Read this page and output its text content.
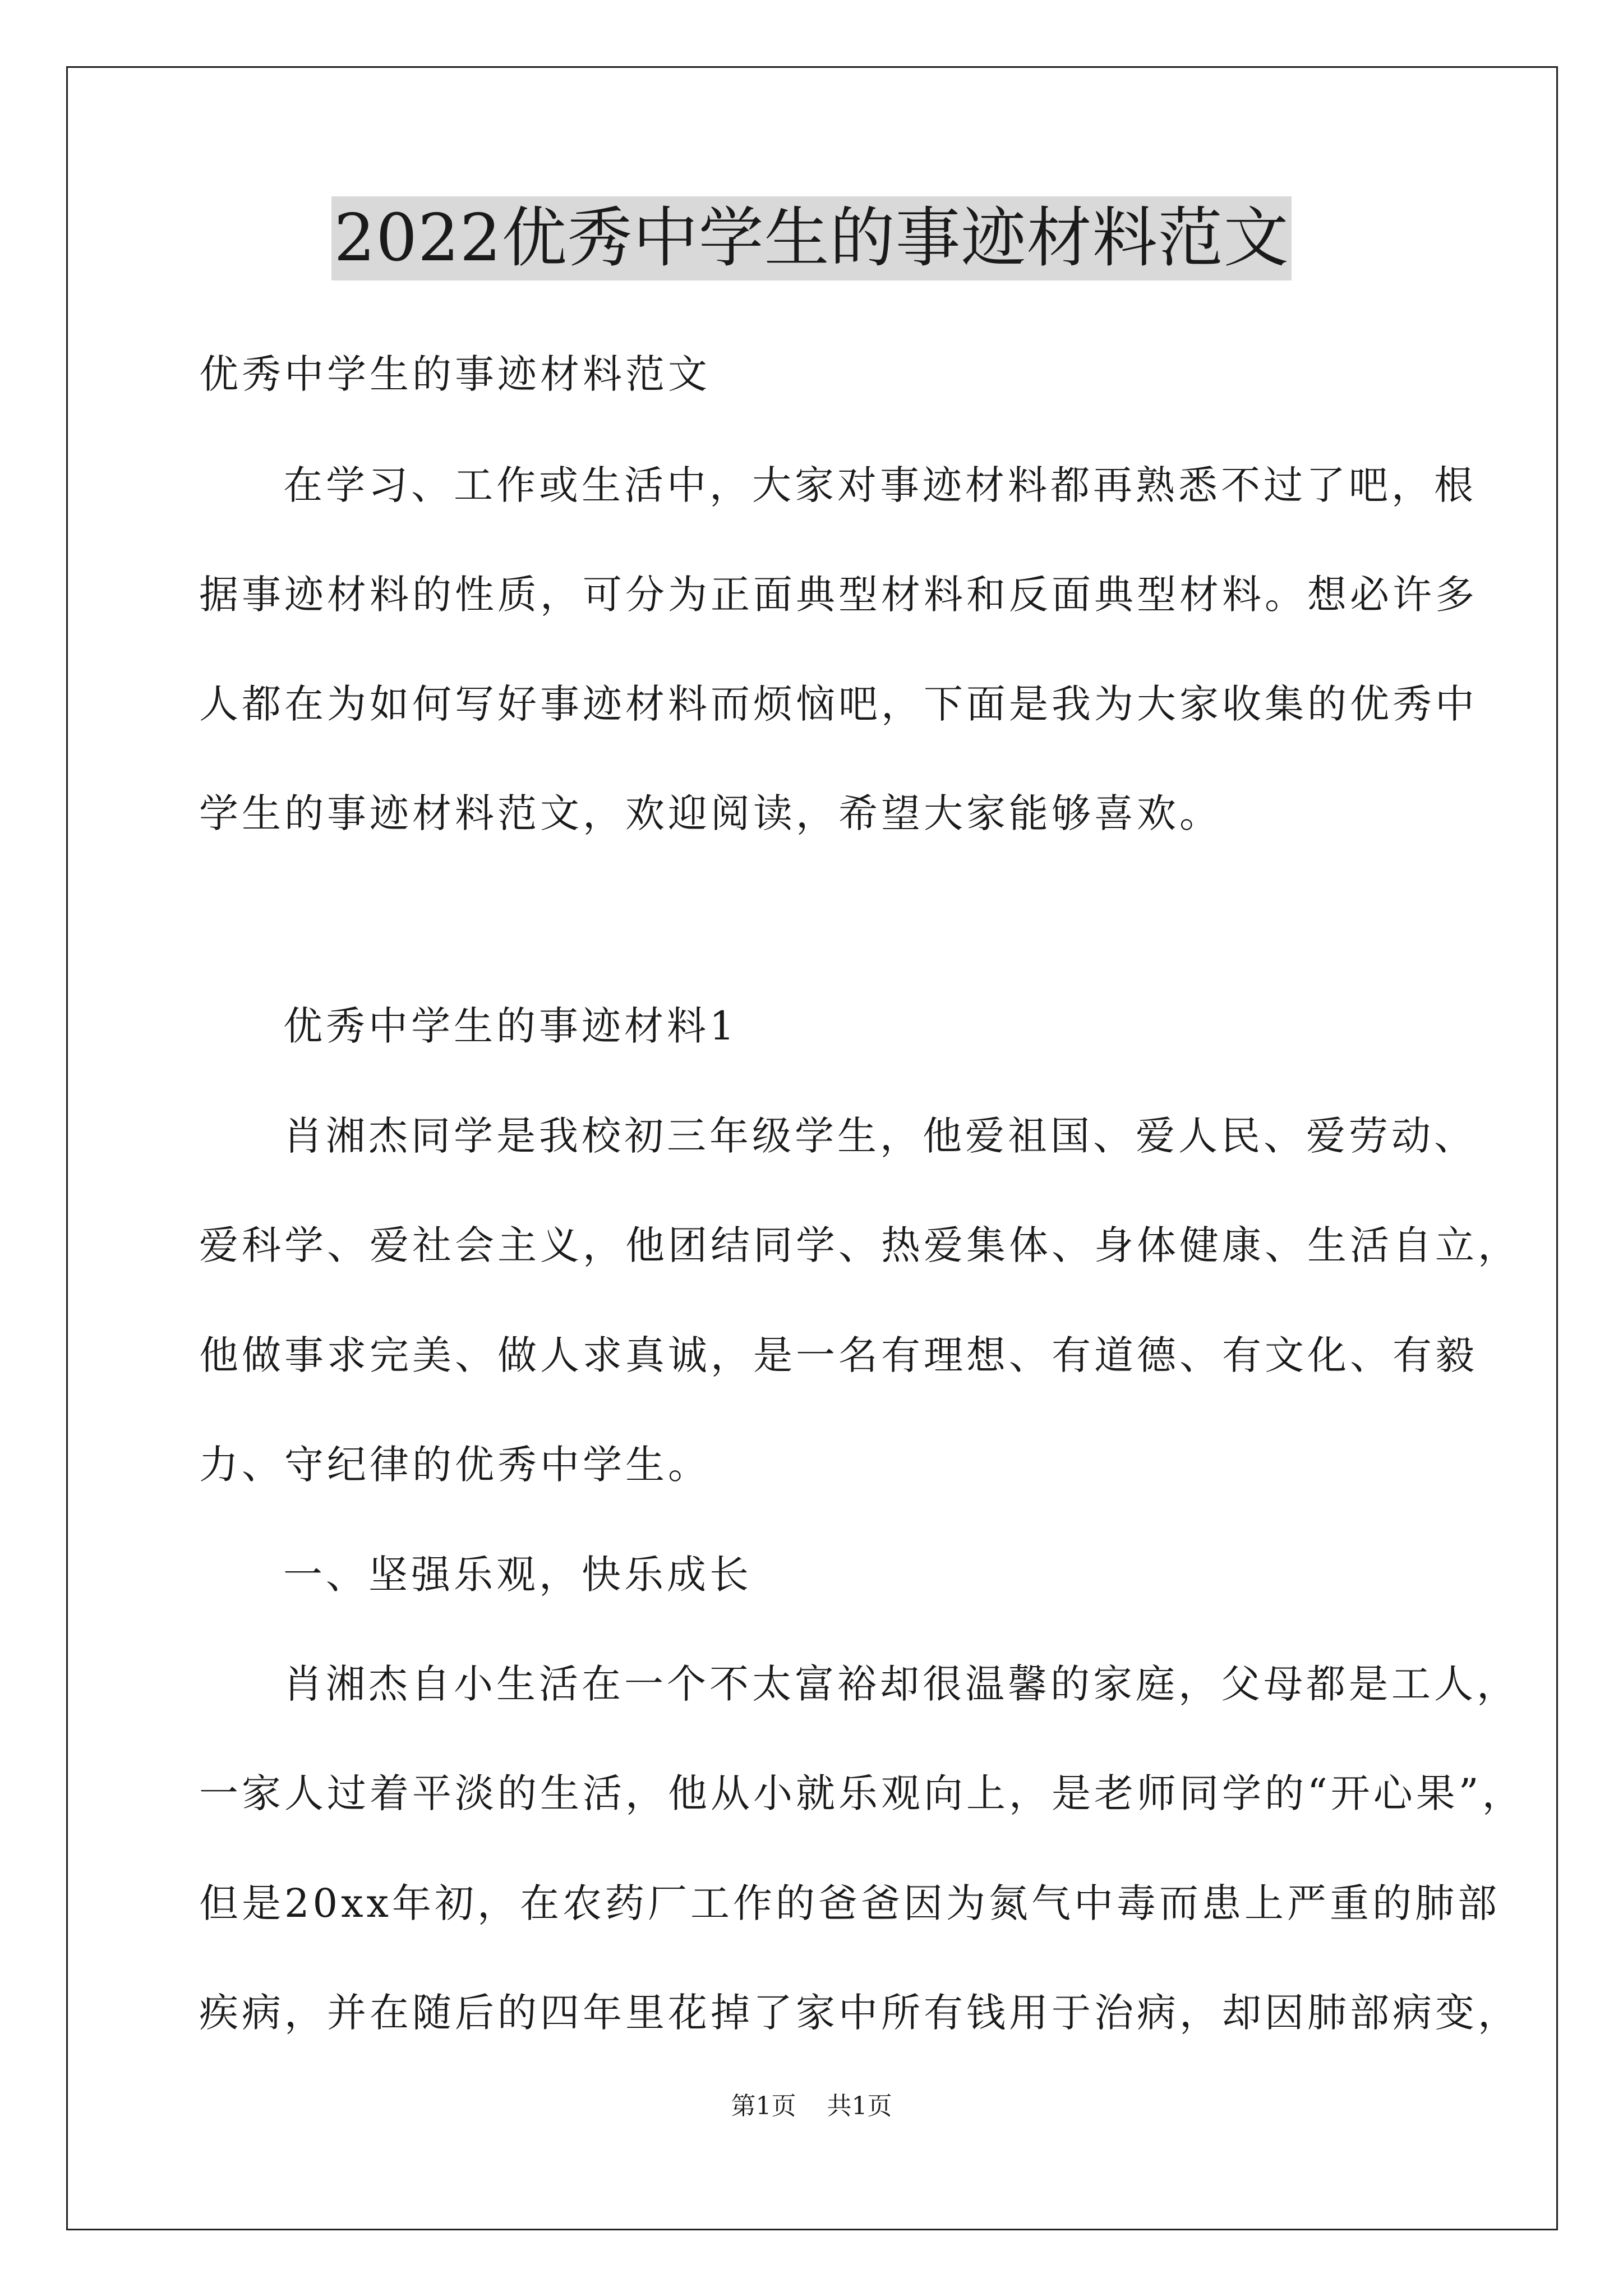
2022优秀中学生的事迹材料范文
优秀中学生的事迹材料范文
在学习、工作或生活中，大家对事迹材料都再熟悉不过了吧，根
据事迹材料的性质，可分为正面典型材料和反面典型材料。想必许多
人都在为如何写好事迹材料而烦恼吧，下面是我为大家收集的优秀中
学生的事迹材料范文，欢迎阅读，希望大家能够喜欢。
优秀中学生的事迹材料1
肖湘杰同学是我校初三年级学生，他爱祖国、爱人民、爱劳动、
爱科学、爱社会主义，他团结同学、热爱集体、身体健康、生活自立，
他做事求完美、做人求真诚，是一名有理想、有道德、有文化、有毅
力、守纪律的优秀中学生。
一、坚强乐观，快乐成长
肖湘杰自小生活在一个不太富裕却很温馨的家庭，父母都是工人，
一家人过着平淡的生活，他从小就乐观向上，是老师同学的“开心果”，
但是20xx年初，在农药厂工作的爸爸因为氮气中毒而患上严重的肺部
疾病，并在随后的四年里花掉了家中所有钱用于治病，却因肺部病变，
第1页 共1页
